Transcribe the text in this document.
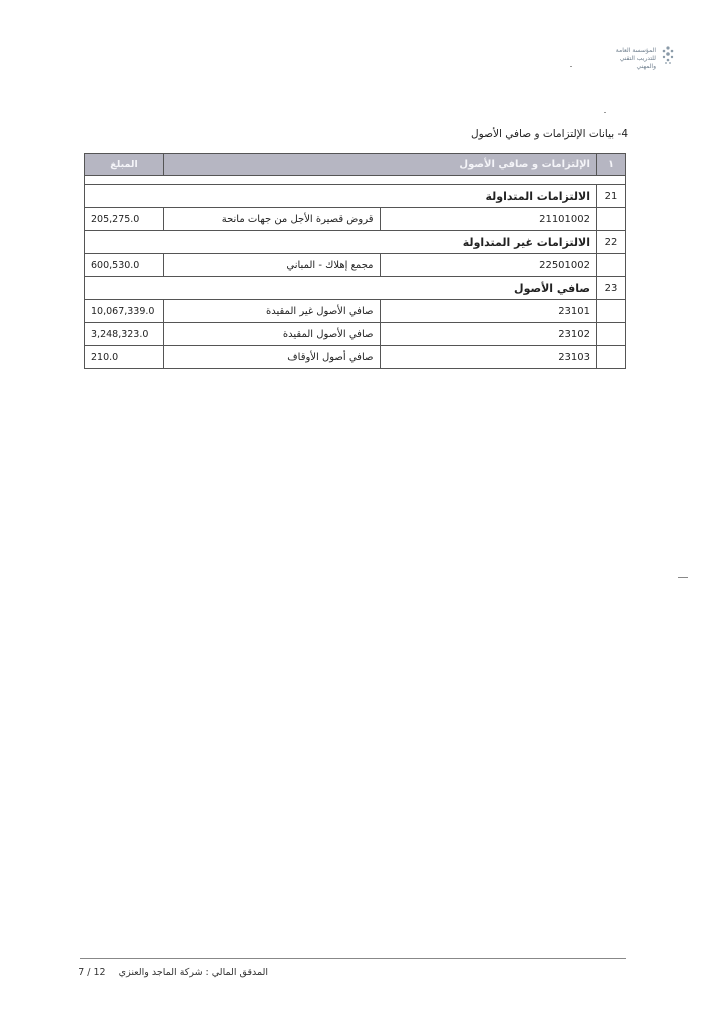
المؤسسة العامة للتدريب التقني والمهني
4- بيانات الإلتزامات و صافي الأصول
١	الإلتزامات و صافي الأصول		المبلغ

21	الالتزامات المتداولة		
	21101002	قروض قصيرة الأجل من جهات مانحة	205,275.0
22	الالتزامات غير المتداولة		
	22501002	مجمع إهلاك - المباني	600,530.0
23	صافي الأصول		
	23101	صافي الأصول غير المقيدة	10,067,339.0
	23102	صافي الأصول المقيدة	3,248,323.0
	23103	صافي أصول الأوقاف	210.0
المدقق المالي : شركة الماجد والعنزي 12 / 7
